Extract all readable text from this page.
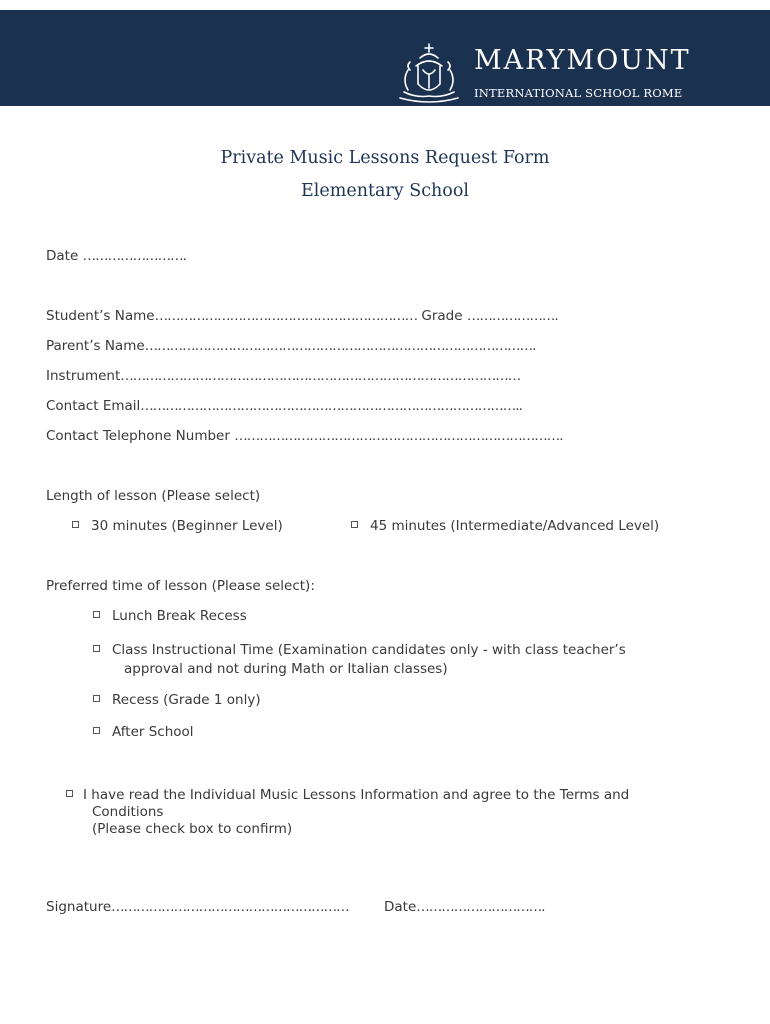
MARYMOUNT
INTERNATIONAL SCHOOL ROME
Private Music Lessons Request Form
Elementary School
Date …………………….
Student’s Name……………………………………………………… Grade ………………….
Parent’s Name………………………………………………………………………………….
Instrument……………………………………………………………………………………
Contact Email………………………………………………………………………………..
Contact Telephone Number …………………………………………………………………….
Length of lesson (Please select)
30 minutes (Beginner Level)	45 minutes (Intermediate/Advanced Level)
Preferred time of lesson (Please select):
Lunch Break Recess
Class Instructional Time (Examination candidates only - with class teacher’s
approval and not during Math or Italian classes)
Recess (Grade 1 only)
After School
I have read the Individual Music Lessons Information and agree to the Terms and
Conditions
(Please check box to confirm)
Signature…………………………………………………	Date………………………….
